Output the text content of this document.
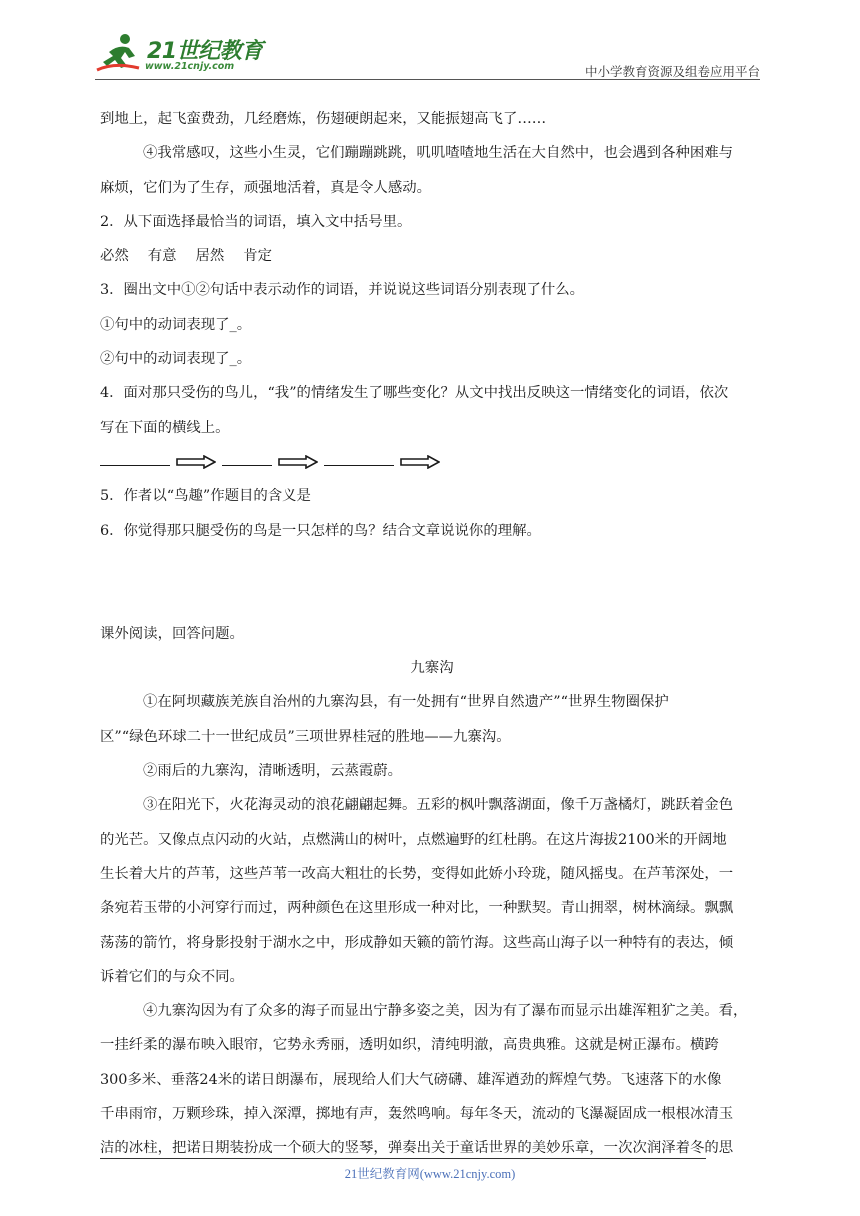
21世纪教育
www.21cnjy.com	中小学教育资源及组卷应用平台

到地上，起飞蛮费劲，几经磨炼，伤翅硬朗起来，又能振翅高飞了……

④我常感叹，这些小生灵，它们蹦蹦跳跳，叽叽喳喳地生活在大自然中，也会遇到各种困难与

麻烦，它们为了生存，顽强地活着，真是令人感动。

2．从下面选择最恰当的词语，填入文中括号里。

必然　 有意　 居然　 肯定

3．圈出文中①②句话中表示动作的词语，并说说这些词语分别表现了什么。

①句中的动词表现了_。

②句中的动词表现了_。

4．面对那只受伤的鸟儿，“我”的情绪发生了哪些变化？从文中找出反映这一情绪变化的词语，依次

写在下面的横线上。

5．作者以“鸟趣”作题目的含义是

6．你觉得那只腿受伤的鸟是一只怎样的鸟？结合文章说说你的理解。

课外阅读，回答问题。

九寨沟

①在阿坝藏族羌族自治州的九寨沟县，有一处拥有“世界自然遗产”“世界生物圈保护

区”“绿色环球二十一世纪成员”三项世界桂冠的胜地——九寨沟。

②雨后的九寨沟，清晰透明，云蒸霞蔚。

③在阳光下，火花海灵动的浪花翩翩起舞。五彩的枫叶飘落湖面，像千万盏橘灯，跳跃着金色

的光芒。又像点点闪动的火站，点燃满山的树叶，点燃遍野的红杜鹃。在这片海拔2100米的开阔地

生长着大片的芦苇，这些芦苇一改高大粗壮的长势，变得如此娇小玲珑，随风摇曳。在芦苇深处，一

条宛若玉带的小河穿行而过，两种颜色在这里形成一种对比，一种默契。青山拥翠，树林滴绿。飘飘

荡荡的箭竹，将身影投射于湖水之中，形成静如天籁的箭竹海。这些高山海子以一种特有的表达，倾

诉着它们的与众不同。

④九寨沟因为有了众多的海子而显出宁静多姿之美，因为有了瀑布而显示出雄浑粗犷之美。看，

一挂纤柔的瀑布映入眼帘，它势永秀丽，透明如织，清纯明澈，高贵典雅。这就是树正瀑布。横跨

300多米、垂落24米的诺日朗瀑布，展现给人们大气磅礴、雄浑遒劲的辉煌气势。飞速落下的水像

千串雨帘，万颗珍珠，掉入深潭，掷地有声，轰然鸣响。每年冬天，流动的飞瀑凝固成一根根冰清玉

洁的冰柱，把诺日期装扮成一个硕大的竖琴，弹奏出关于童话世界的美妙乐章，一次次润泽着冬的思

21世纪教育网(www.21cnjy.com)
